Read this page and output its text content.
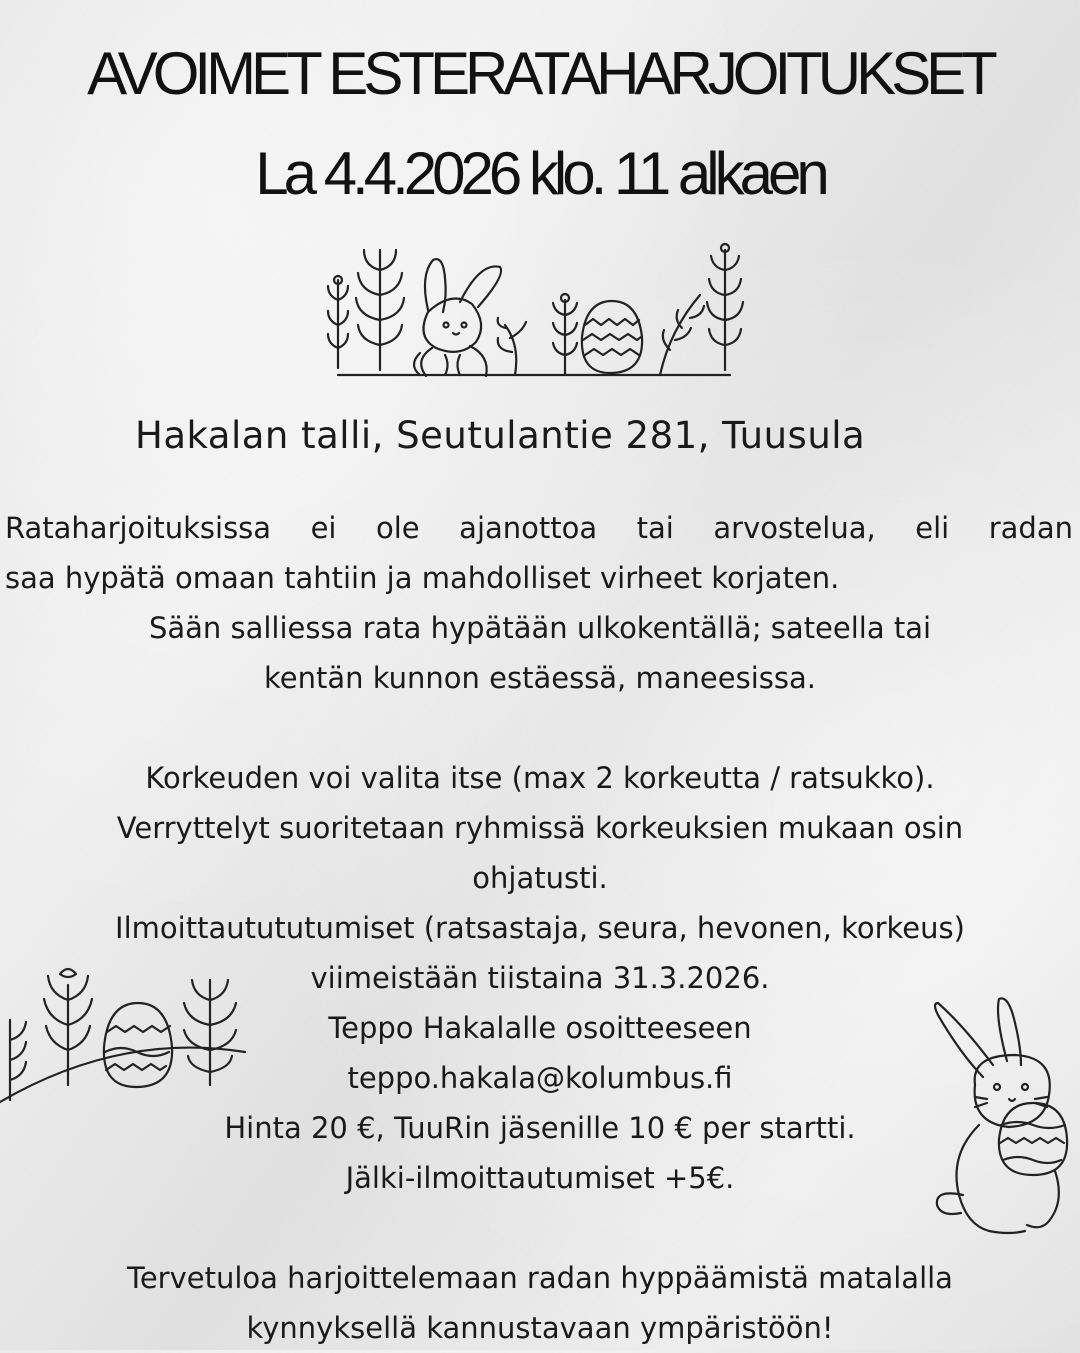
AVOIMET ESTERATAHARJOITUKSET
La 4.4.2026 klo. 11 alkaen
Hakalan talli, Seutulantie 281, Tuusula
Rataharjoituksissa ei ole ajanottoa tai arvostelua, eli radan
saa hypätä omaan tahtiin ja mahdolliset virheet korjaten.
Sään salliessa rata hypätään ulkokentällä; sateella tai
kentän kunnon estäessä, maneesissa.
Korkeuden voi valita itse (max 2 korkeutta / ratsukko).
Verryttelyt suoritetaan ryhmissä korkeuksien mukaan osin
ohjatusti.
Ilmoittautututumiset (ratsastaja, seura, hevonen, korkeus)
viimeistään tiistaina 31.3.2026.
Teppo Hakalalle osoitteeseen
teppo.hakala@kolumbus.fi
Hinta 20 €, TuuRin jäsenille 10 € per startti.
Jälki-ilmoittautumiset +5€.
Tervetuloa harjoittelemaan radan hyppäämistä matalalla
kynnyksellä kannustavaan ympäristöön!
